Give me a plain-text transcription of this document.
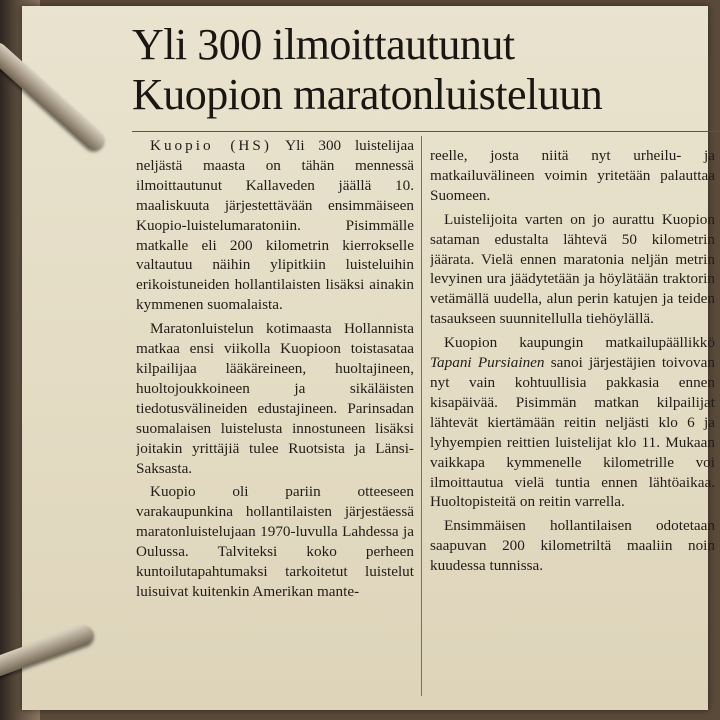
Yli 300 ilmoittautunut
Kuopion maratonluisteluun

Kuopio (HS) Yli 300 luistelijaa neljästä maasta on tähän mennessä ilmoittautunut Kallaveden jäällä 10. maaliskuuta järjestettävään ensimmäiseen Kuopio-luistelumaratoniin. Pisimmälle matkalle eli 200 kilometrin kierrokselle valtautuu näihin ylipitkiin luisteluihin erikoistuneiden hollantilaisten lisäksi ainakin kymmenen suomalaista.

Maratonluistelun kotimaasta Hollannista matkaa ensi viikolla Kuopioon toistasataa kilpailijaa lääkäreineen, huoltajineen, huoltojoukkoineen ja sikäläisten tiedotusvälineiden edustajineen. Parinsadan suomalaisen luistelusta innostuneen lisäksi joitakin yrittäjiä tulee Ruotsista ja Länsi-Saksasta.

Kuopio oli pariin otteeseen varakaupunkina hollantilaisten järjestäessä maratonluistelujaan 1970-luvulla Lahdessa ja Oulussa. Talviteksi koko perheen kuntoilutapahtumaksi tarkoitetut luistelut luisuivat kuitenkin Amerikan mante-

reelle, josta niitä nyt urheilu- ja matkailuvälineen voimin yritetään palauttaa Suomeen.

Luistelijoita varten on jo aurattu Kuopion sataman edustalta lähtevä 50 kilometrin jäärata. Vielä ennen maratonia neljän metrin levyinen ura jäädytetään ja höylätään traktorin vetämällä uudella, alun perin katujen ja teiden tasaukseen suunnitellulla tiehöylällä.

Kuopion kaupungin matkailupäällikkö Tapani Pursiainen sanoi järjestäjien toivovan nyt vain kohtuullisia pakkasia ennen kisapäivää. Pisimmän matkan kilpailijat lähtevät kiertämään reitin neljästi klo 6 ja lyhyempien reittien luistelijat klo 11. Mukaan vaikkapa kymmenelle kilometrille voi ilmoittautua vielä tuntia ennen lähtöaikaa. Huoltopisteitä on reitin varrella.

Ensimmäisen hollantilaisen odotetaan saapuvan 200 kilometriltä maaliin noin kuudessa tunnissa.
